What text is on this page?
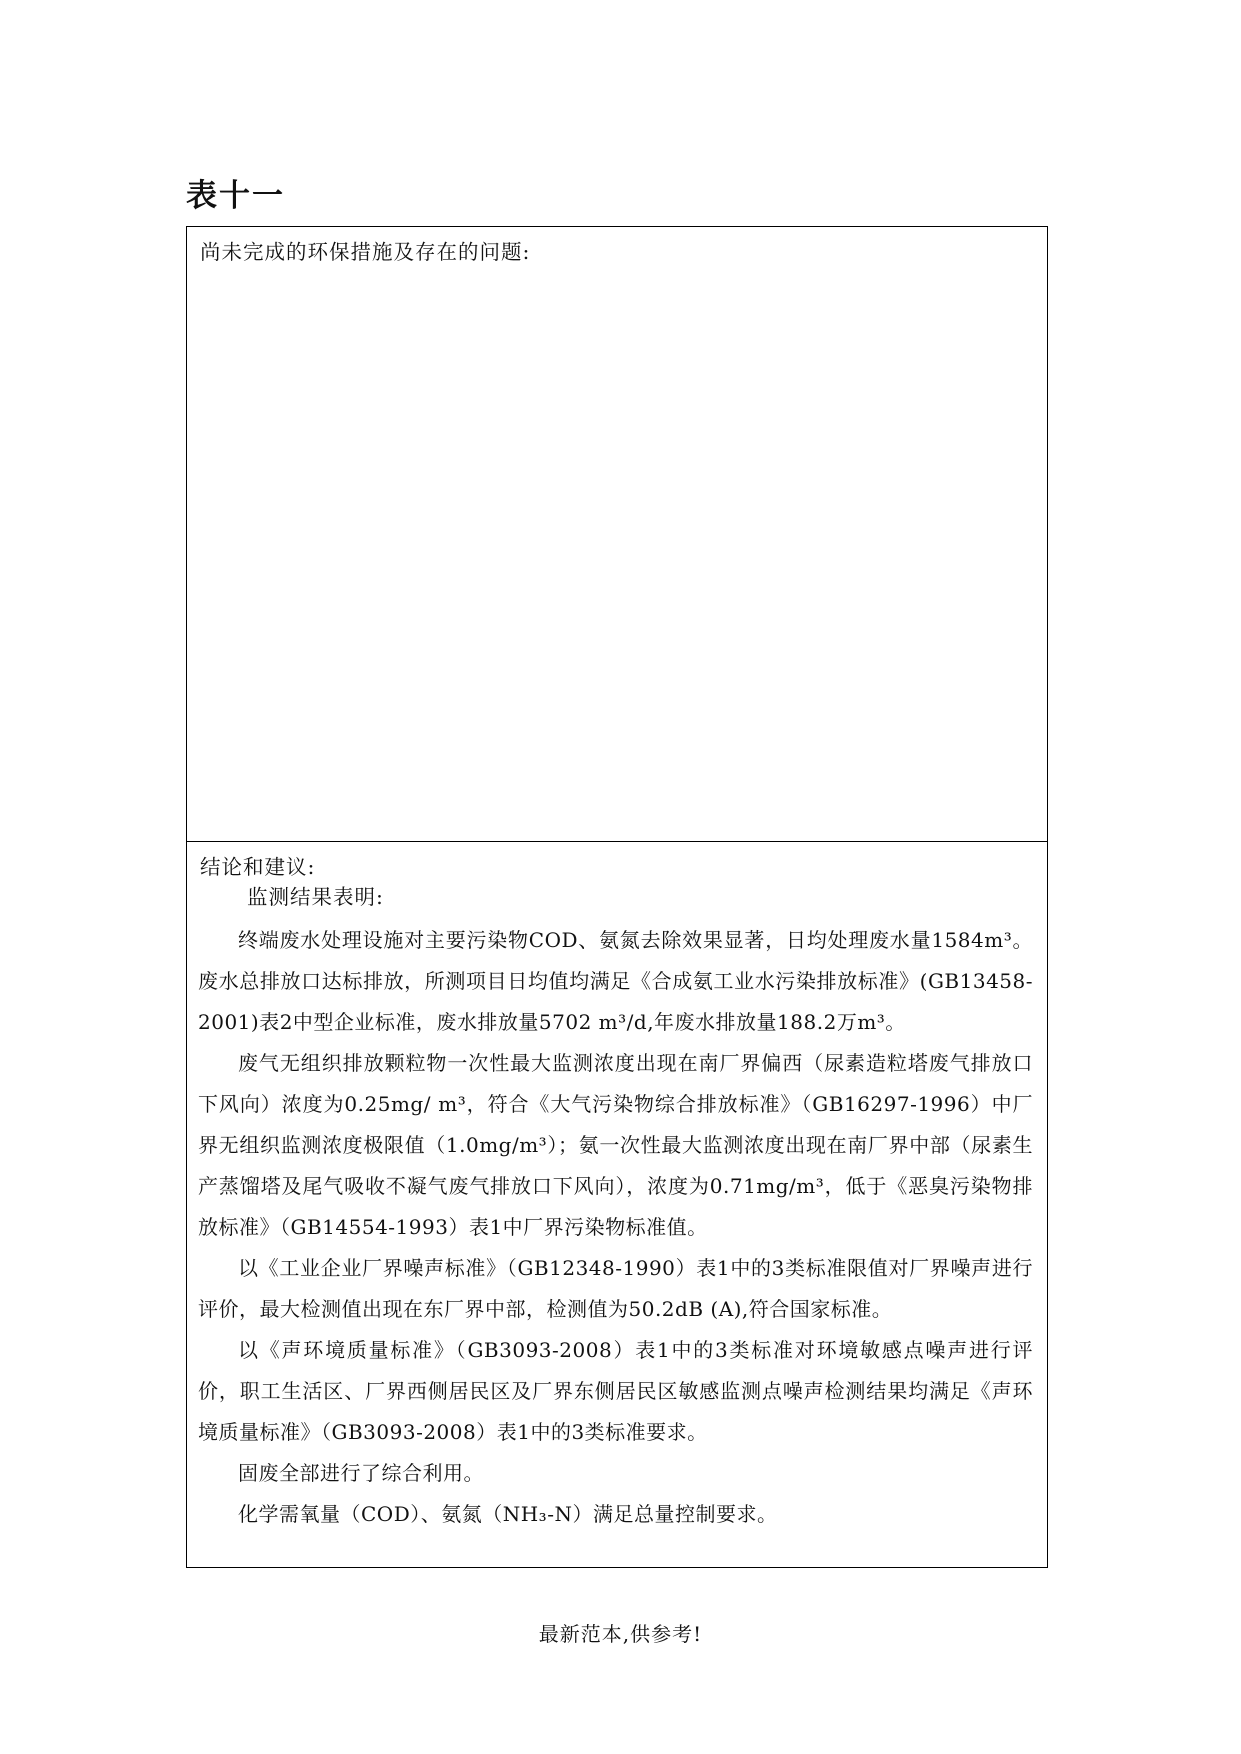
表十一
尚未完成的环保措施及存在的问题:
结论和建议:
监测结果表明:

终端废水处理设施对主要污染物COD、氨氮去除效果显著，日均处理废水量1584m³。废水总排放口达标排放，所测项目日均值均满足《合成氨工业水污染排放标准》(GB13458-2001)表2中型企业标准，废水排放量5702 m³/d,年废水排放量188.2万m³。

废气无组织排放颗粒物一次性最大监测浓度出现在南厂界偏西（尿素造粒塔废气排放口下风向）浓度为0.25mg/ m³，符合《大气污染物综合排放标准》（GB16297-1996）中厂界无组织监测浓度极限值（1.0mg/m³）；氨一次性最大监测浓度出现在南厂界中部（尿素生产蒸馏塔及尾气吸收不凝气废气排放口下风向），浓度为0.71mg/m³，低于《恶臭污染物排放标准》（GB14554-1993）表1中厂界污染物标准值。

以《工业企业厂界噪声标准》（GB12348-1990）表1中的3类标准限值对厂界噪声进行评价，最大检测值出现在东厂界中部，检测值为50.2dB (A),符合国家标准。

以《声环境质量标准》（GB3093-2008）表1中的3类标准对环境敏感点噪声进行评价，职工生活区、厂界西侧居民区及厂界东侧居民区敏感监测点噪声检测结果均满足《声环境质量标准》（GB3093-2008）表1中的3类标准要求。

固废全部进行了综合利用。

化学需氧量（COD）、氨氮（NH₃-N）满足总量控制要求。

最新范本,供参考!
